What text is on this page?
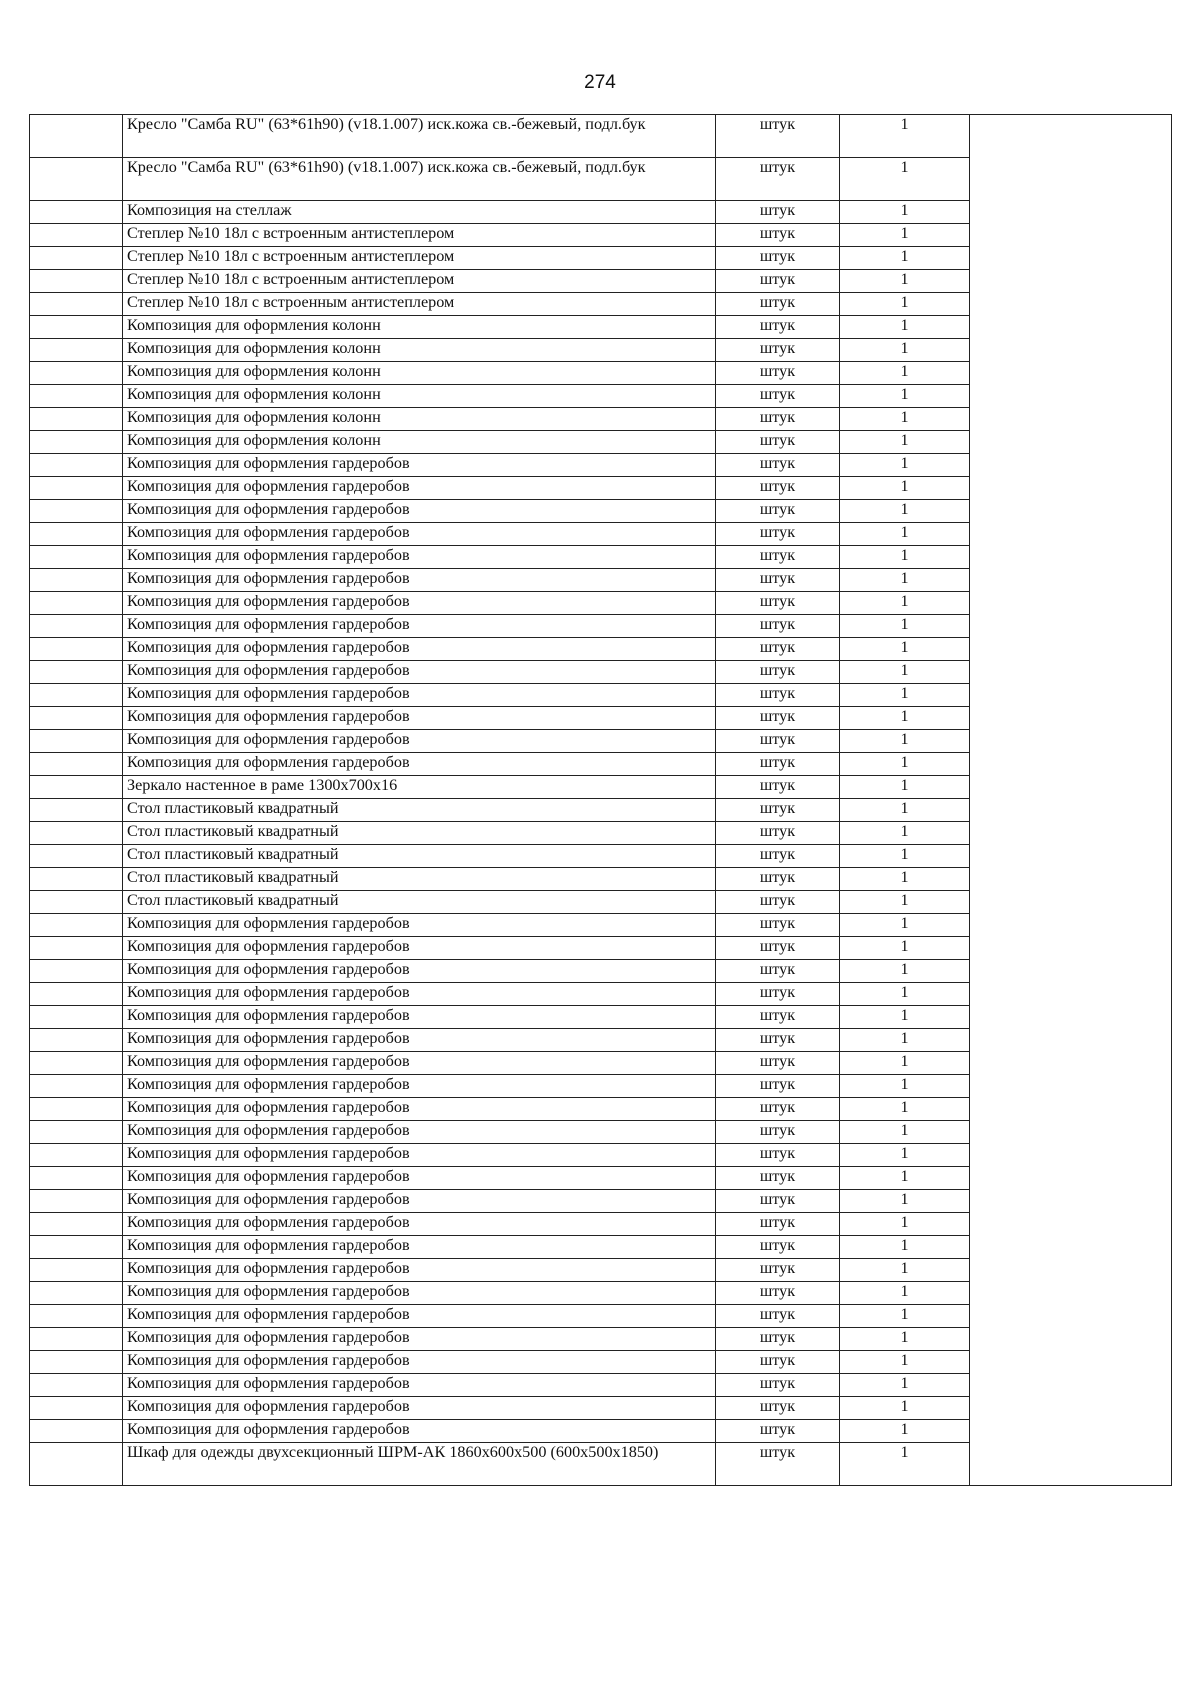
274
	Кресло "Самба RU" (63*61h90) (v18.1.007) иск.кожа св.-бежевый, подл.бук	штук	1	
	Кресло "Самба RU" (63*61h90) (v18.1.007) иск.кожа св.-бежевый, подл.бук	штук	1	
	Композиция на стеллаж	штук	1	
	Степлер №10 18л с встроенным антистеплером	штук	1	
	Степлер №10 18л с встроенным антистеплером	штук	1	
	Степлер №10 18л с встроенным антистеплером	штук	1	
	Степлер №10 18л с встроенным антистеплером	штук	1	
	Композиция для оформления колонн	штук	1	
	Композиция для оформления колонн	штук	1	
	Композиция для оформления колонн	штук	1	
	Композиция для оформления колонн	штук	1	
	Композиция для оформления колонн	штук	1	
	Композиция для оформления колонн	штук	1	
	Композиция для оформления гардеробов	штук	1	
	Композиция для оформления гардеробов	штук	1	
	Композиция для оформления гардеробов	штук	1	
	Композиция для оформления гардеробов	штук	1	
	Композиция для оформления гардеробов	штук	1	
	Композиция для оформления гардеробов	штук	1	
	Композиция для оформления гардеробов	штук	1	
	Композиция для оформления гардеробов	штук	1	
	Композиция для оформления гардеробов	штук	1	
	Композиция для оформления гардеробов	штук	1	
	Композиция для оформления гардеробов	штук	1	
	Композиция для оформления гардеробов	штук	1	
	Композиция для оформления гардеробов	штук	1	
	Композиция для оформления гардеробов	штук	1	
	Зеркало настенное в раме 1300х700х16	штук	1	
	Стол пластиковый квадратный	штук	1	
	Стол пластиковый квадратный	штук	1	
	Стол пластиковый квадратный	штук	1	
	Стол пластиковый квадратный	штук	1	
	Стол пластиковый квадратный	штук	1	
	Композиция для оформления гардеробов	штук	1	
	Композиция для оформления гардеробов	штук	1	
	Композиция для оформления гардеробов	штук	1	
	Композиция для оформления гардеробов	штук	1	
	Композиция для оформления гардеробов	штук	1	
	Композиция для оформления гардеробов	штук	1	
	Композиция для оформления гардеробов	штук	1	
	Композиция для оформления гардеробов	штук	1	
	Композиция для оформления гардеробов	штук	1	
	Композиция для оформления гардеробов	штук	1	
	Композиция для оформления гардеробов	штук	1	
	Композиция для оформления гардеробов	штук	1	
	Композиция для оформления гардеробов	штук	1	
	Композиция для оформления гардеробов	штук	1	
	Композиция для оформления гардеробов	штук	1	
	Композиция для оформления гардеробов	штук	1	
	Композиция для оформления гардеробов	штук	1	
	Композиция для оформления гардеробов	штук	1	
	Композиция для оформления гардеробов	штук	1	
	Композиция для оформления гардеробов	штук	1	
	Композиция для оформления гардеробов	штук	1	
	Композиция для оформления гардеробов	штук	1	
	Композиция для оформления гардеробов	штук	1	
	Шкаф для одежды двухсекционный ШРМ-АК 1860х600х500 (600х500х1850)	штук	1	
